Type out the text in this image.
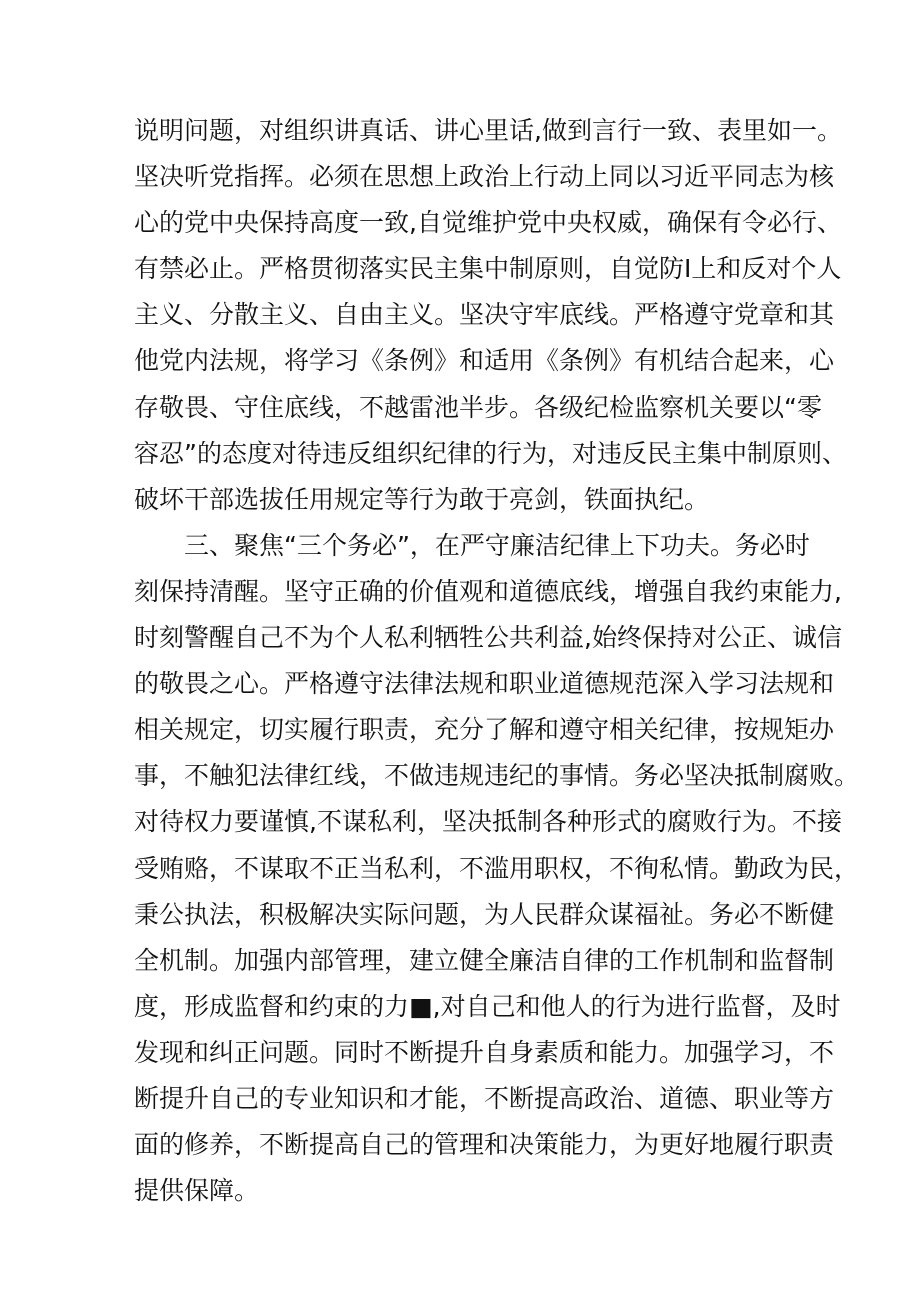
说明问题，对组织讲真话、讲心里话,做到言行一致、表里如一。
坚决听党指挥。必须在思想上政治上行动上同以习近平同志为核
心的党中央保持高度一致,自觉维护党中央权威，确保有令必行、
有禁必止。严格贯彻落实民主集中制原则，自觉防I上和反对个人
主义、分散主义、自由主义。坚决守牢底线。严格遵守党章和其
他党内法规，将学习《条例》和适用《条例》有机结合起来，心
存敬畏、守住底线，不越雷池半步。各级纪检监察机关要以“零
容忍”的态度对待违反组织纪律的行为，对违反民主集中制原则、
破坏干部选拔任用规定等行为敢于亮剑，铁面执纪。
三、聚焦“三个务必”，在严守廉洁纪律上下功夫。务必时
刻保持清醒。坚守正确的价值观和道德底线，增强自我约束能力,
时刻警醒自己不为个人私利牺牲公共利益,始终保持对公正、诚信
的敬畏之心。严格遵守法律法规和职业道德规范深入学习法规和
相关规定，切实履行职责，充分了解和遵守相关纪律，按规矩办
事，不触犯法律红线，不做违规违纪的事情。务必坚决抵制腐败。
对待权力要谨慎,不谋私利，坚决抵制各种形式的腐败行为。不接
受贿赂，不谋取不正当私利，不滥用职权，不徇私情。勤政为民，
秉公执法，积极解决实际问题，为人民群众谋福祉。务必不断健
全机制。加强内部管理，建立健全廉洁自律的工作机制和监督制
度，形成监督和约束的力■,对自己和他人的行为进行监督，及时
发现和纠正问题。同时不断提升自身素质和能力。加强学习，不
断提升自己的专业知识和才能，不断提高政治、道德、职业等方
面的修养，不断提高自己的管理和决策能力，为更好地履行职责
提供保障。
